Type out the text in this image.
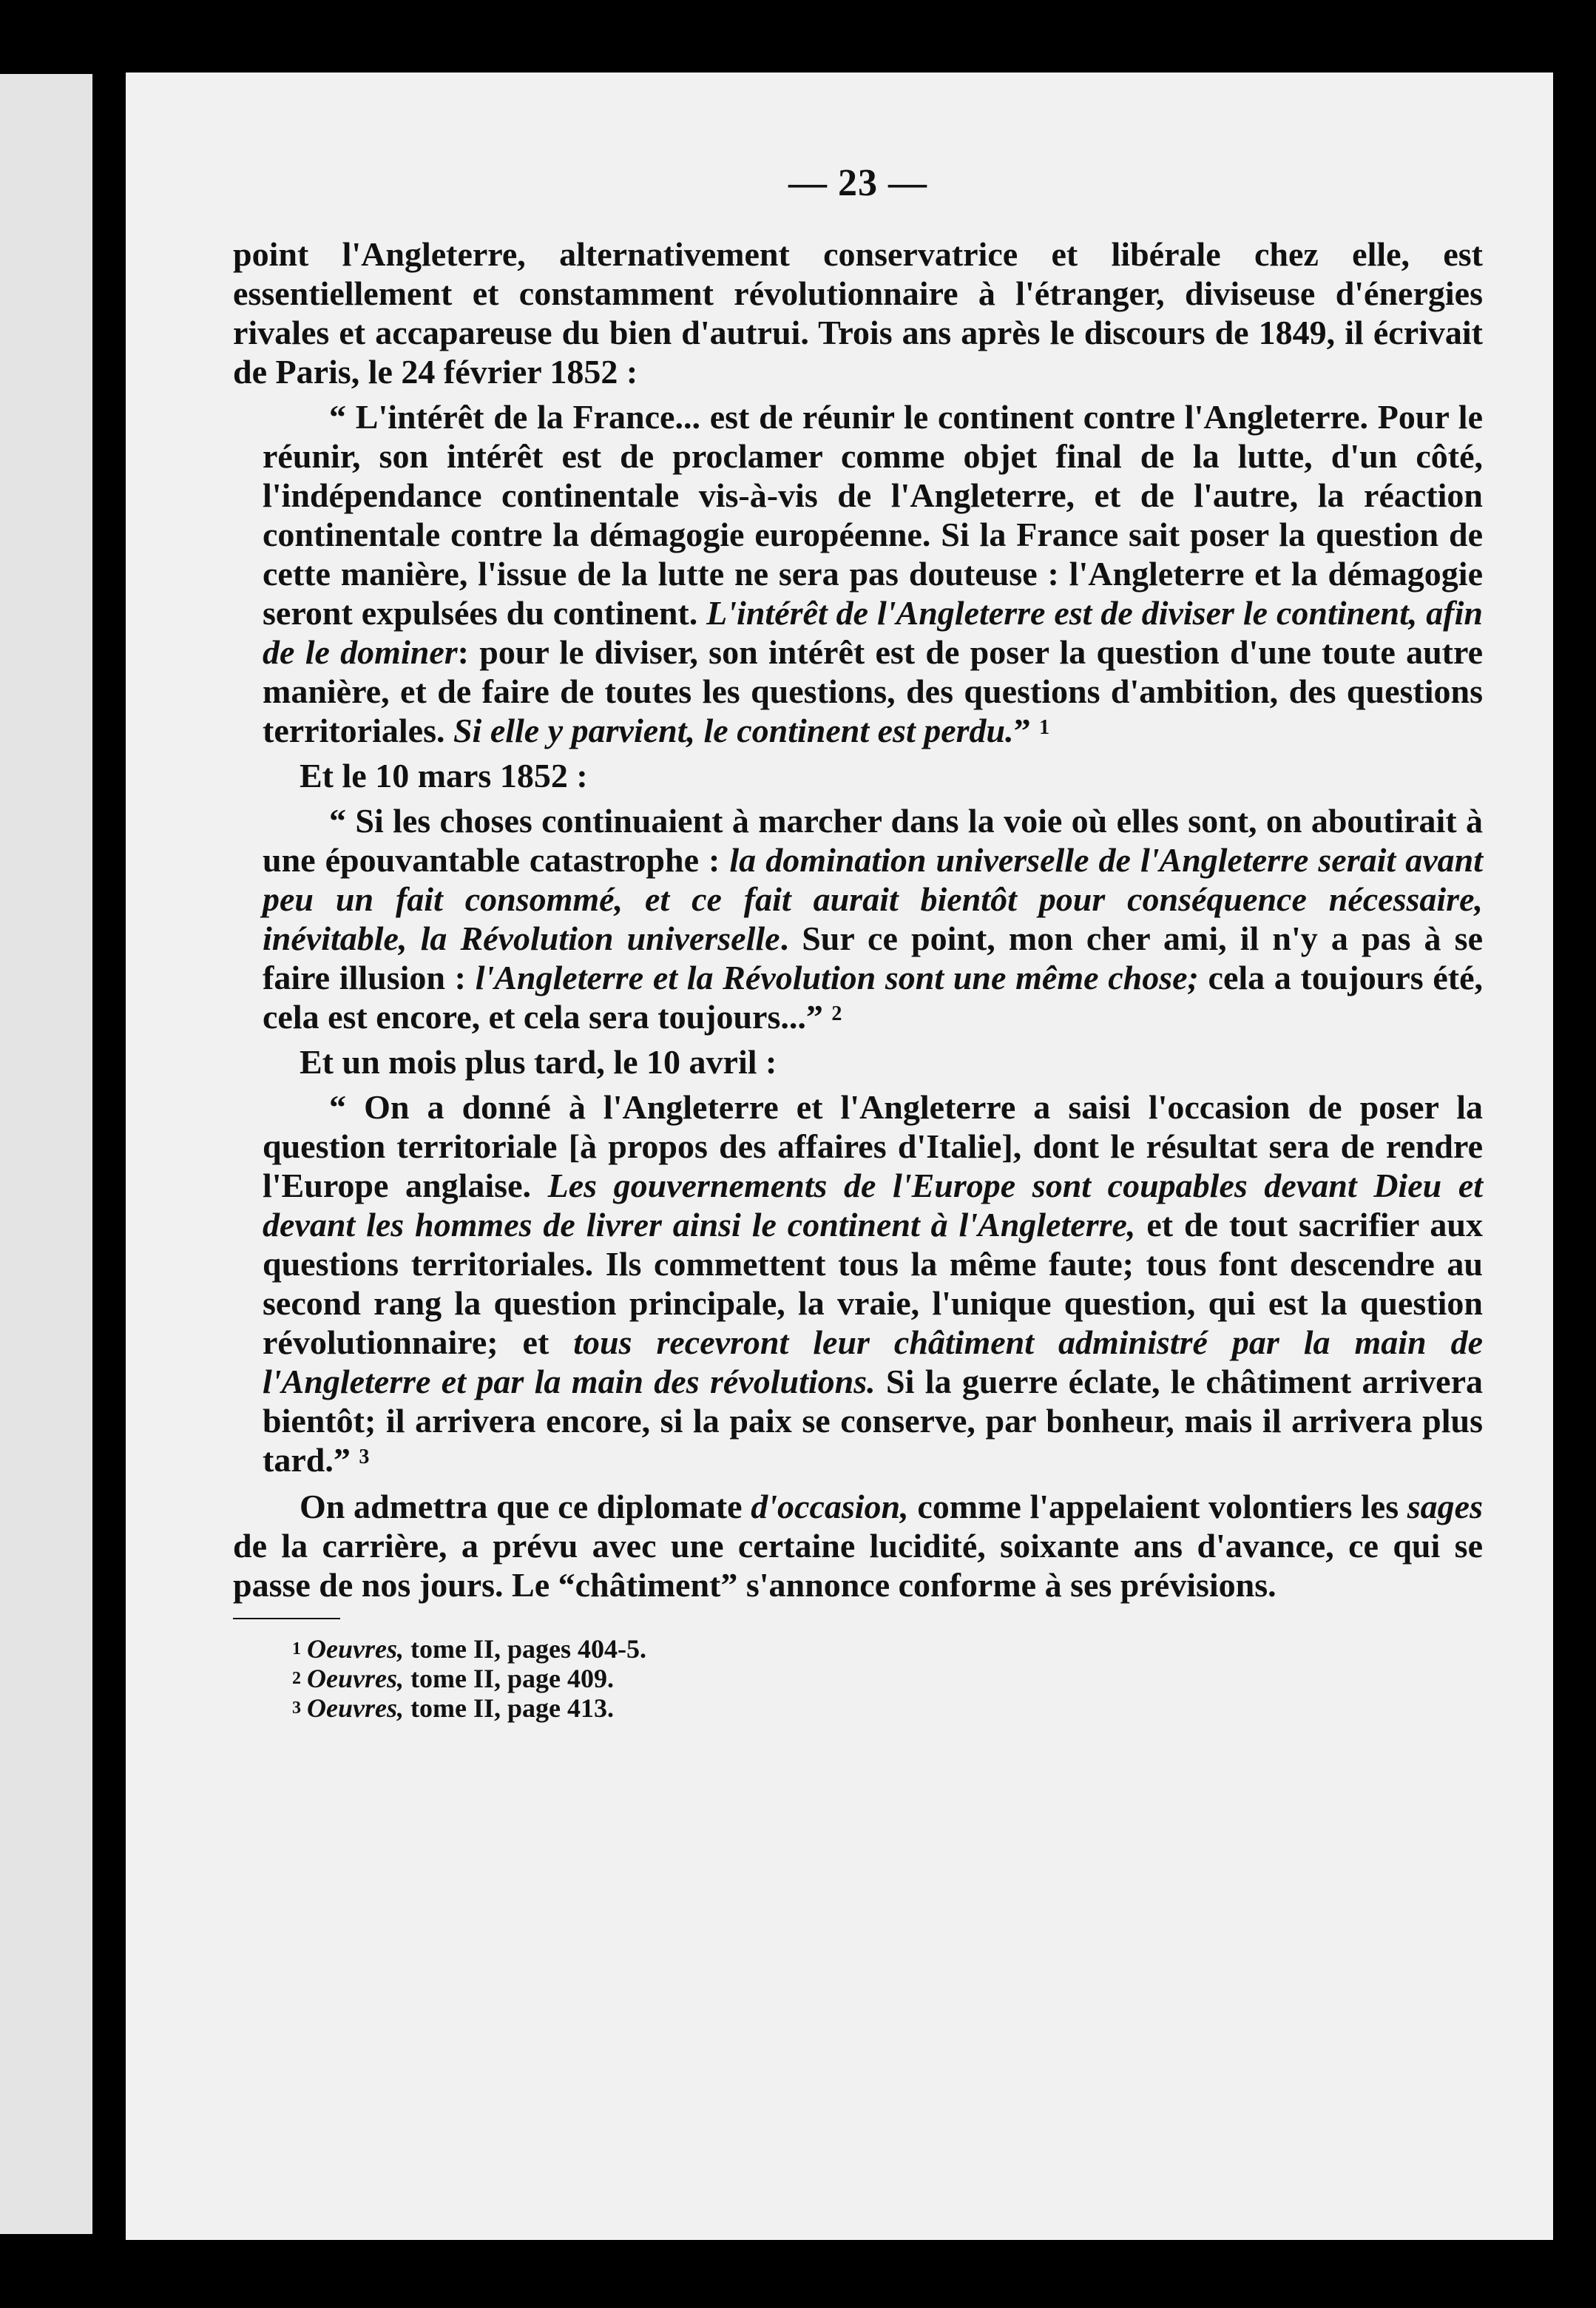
— 23 —

point l'Angleterre, alternativement conservatrice et libérale chez elle, est essentiellement et constamment révolutionnaire à l'étranger, diviseuse d'énergies rivales et accapareuse du bien d'autrui. Trois ans après le discours de 1849, il écrivait de Paris, le 24 février 1852 :

“ L'intérêt de la France... est de réunir le continent contre l'Angleterre. Pour le réunir, son intérêt est de proclamer comme objet final de la lutte, d'un côté, l'indépendance continentale vis-à-vis de l'Angleterre, et de l'autre, la réaction continentale contre la démagogie européenne. Si la France sait poser la question de cette manière, l'issue de la lutte ne sera pas douteuse : l'Angleterre et la démagogie seront expulsées du continent. L'intérêt de l'Angleterre est de diviser le continent, afin de le dominer: pour le diviser, son intérêt est de poser la question d'une toute autre manière, et de faire de toutes les questions, des questions d'ambition, des questions territoriales. Si elle y parvient, le continent est perdu.” $^1$

Et le 10 mars 1852 :

“ Si les choses continuaient à marcher dans la voie où elles sont, on aboutirait à une épouvantable catastrophe : la domination universelle de l'Angleterre serait avant peu un fait consommé, et ce fait aurait bientôt pour conséquence nécessaire, inévitable, la Révolution universelle. Sur ce point, mon cher ami, il n'y a pas à se faire illusion : l'Angleterre et la Révolution sont une même chose; cela a toujours été, cela est encore, et cela sera toujours...” $^2$

Et un mois plus tard, le 10 avril :

“ On a donné à l'Angleterre et l'Angleterre a saisi l'occasion de poser la question territoriale [à propos des affaires d'Italie], dont le résultat sera de rendre l'Europe anglaise. Les gouvernements de l'Europe sont coupables devant Dieu et devant les hommes de livrer ainsi le continent à l'Angleterre, et de tout sacrifier aux questions territoriales. Ils commettent tous la même faute; tous font descendre au second rang la question principale, la vraie, l'unique question, qui est la question révolutionnaire; et tous recevront leur châtiment administré par la main de l'Angleterre et par la main des révolutions. Si la guerre éclate, le châtiment arrivera bientôt; il arrivera encore, si la paix se conserve, par bonheur, mais il arrivera plus tard.” $^3$

On admettra que ce diplomate d'occasion, comme l'appelaient volontiers les sages de la carrière, a prévu avec une certaine lucidité, soixante ans d'avance, ce qui se passe de nos jours. Le “châtiment” s'annonce conforme à ses prévisions.

$^1$ Oeuvres, tome II, pages 404-5.
$^2$ Oeuvres, tome II, page 409.
$^3$ Oeuvres, tome II, page 413.
